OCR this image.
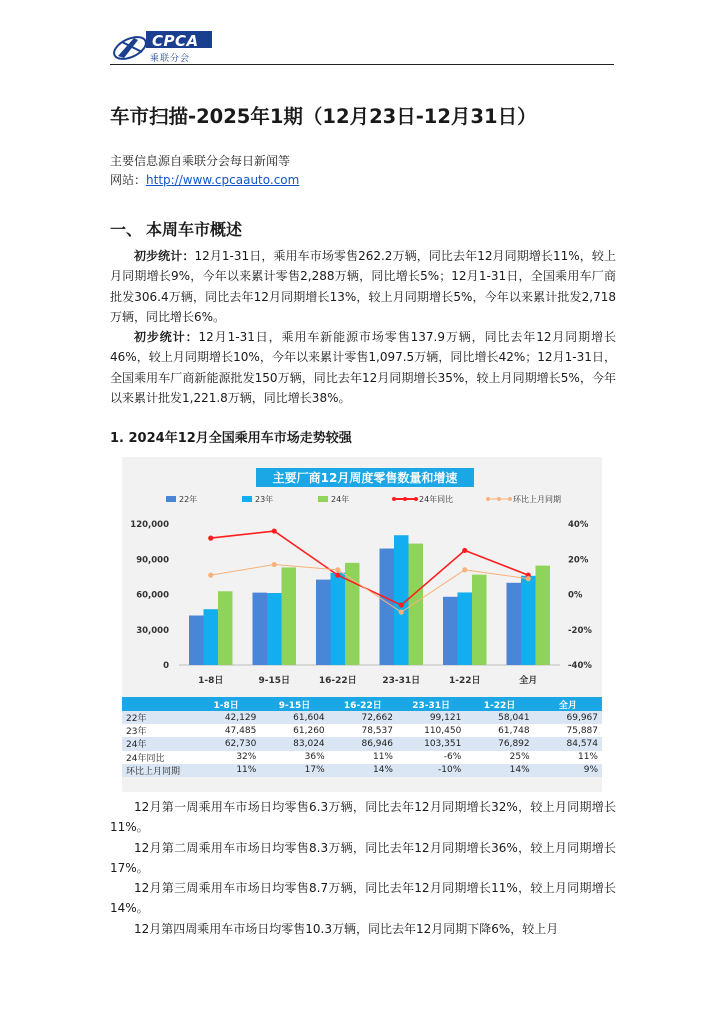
CPCA
乘联分会
车市扫描-2025年1期（12月23日-12月31日）
主要信息源自乘联分会每日新闻等
网站：http://www.cpcaauto.com
一、 本周车市概述

初步统计：12月1-31日，乘用车市场零售262.2万辆，同比去年12月同期增长11%，较上月同期增长9%，今年以来累计零售2,288万辆，同比增长5%；12月1-31日，全国乘用车厂商批发306.4万辆，同比去年12月同期增长13%，较上月同期增长5%，今年以来累计批发2,718万辆，同比增长6%。

初步统计：12月1-31日，乘用车新能源市场零售137.9万辆，同比去年12月同期增长46%，较上月同期增长10%，今年以来累计零售1,097.5万辆，同比增长42%；12月1-31日，全国乘用车厂商新能源批发150万辆，同比去年12月同期增长35%，较上月同期增长5%，今年以来累计批发1,221.8万辆，同比增长38%。

1. 2024年12月全国乘用车市场走势较强
主要厂商12月周度零售数量和增速
22年	23年	24年	24年同比	环比上月同期
0
30,000
60,000
90,000
120,000
-40%
-20%
0%
20%
40%
1-8日	9-15日	16-22日	23-31日	1-22日	全月
	1-8日	9-15日	16-22日	23-31日	1-22日	全月
22年	42,129	61,604	72,662	99,121	58,041	69,967
23年	47,485	61,260	78,537	110,450	61,748	75,887
24年	62,730	83,024	86,946	103,351	76,892	84,574
24年同比	32%	36%	11%	-6%	25%	11%
环比上月同期	11%	17%	14%	-10%	14%	9%

12月第一周乘用车市场日均零售6.3万辆，同比去年12月同期增长32%，较上月同期增长11%。

12月第二周乘用车市场日均零售8.3万辆，同比去年12月同期增长36%，较上月同期增长17%。

12月第三周乘用车市场日均零售8.7万辆，同比去年12月同期增长11%，较上月同期增长14%。

12月第四周乘用车市场日均零售10.3万辆，同比去年12月同期下降6%，较上月
